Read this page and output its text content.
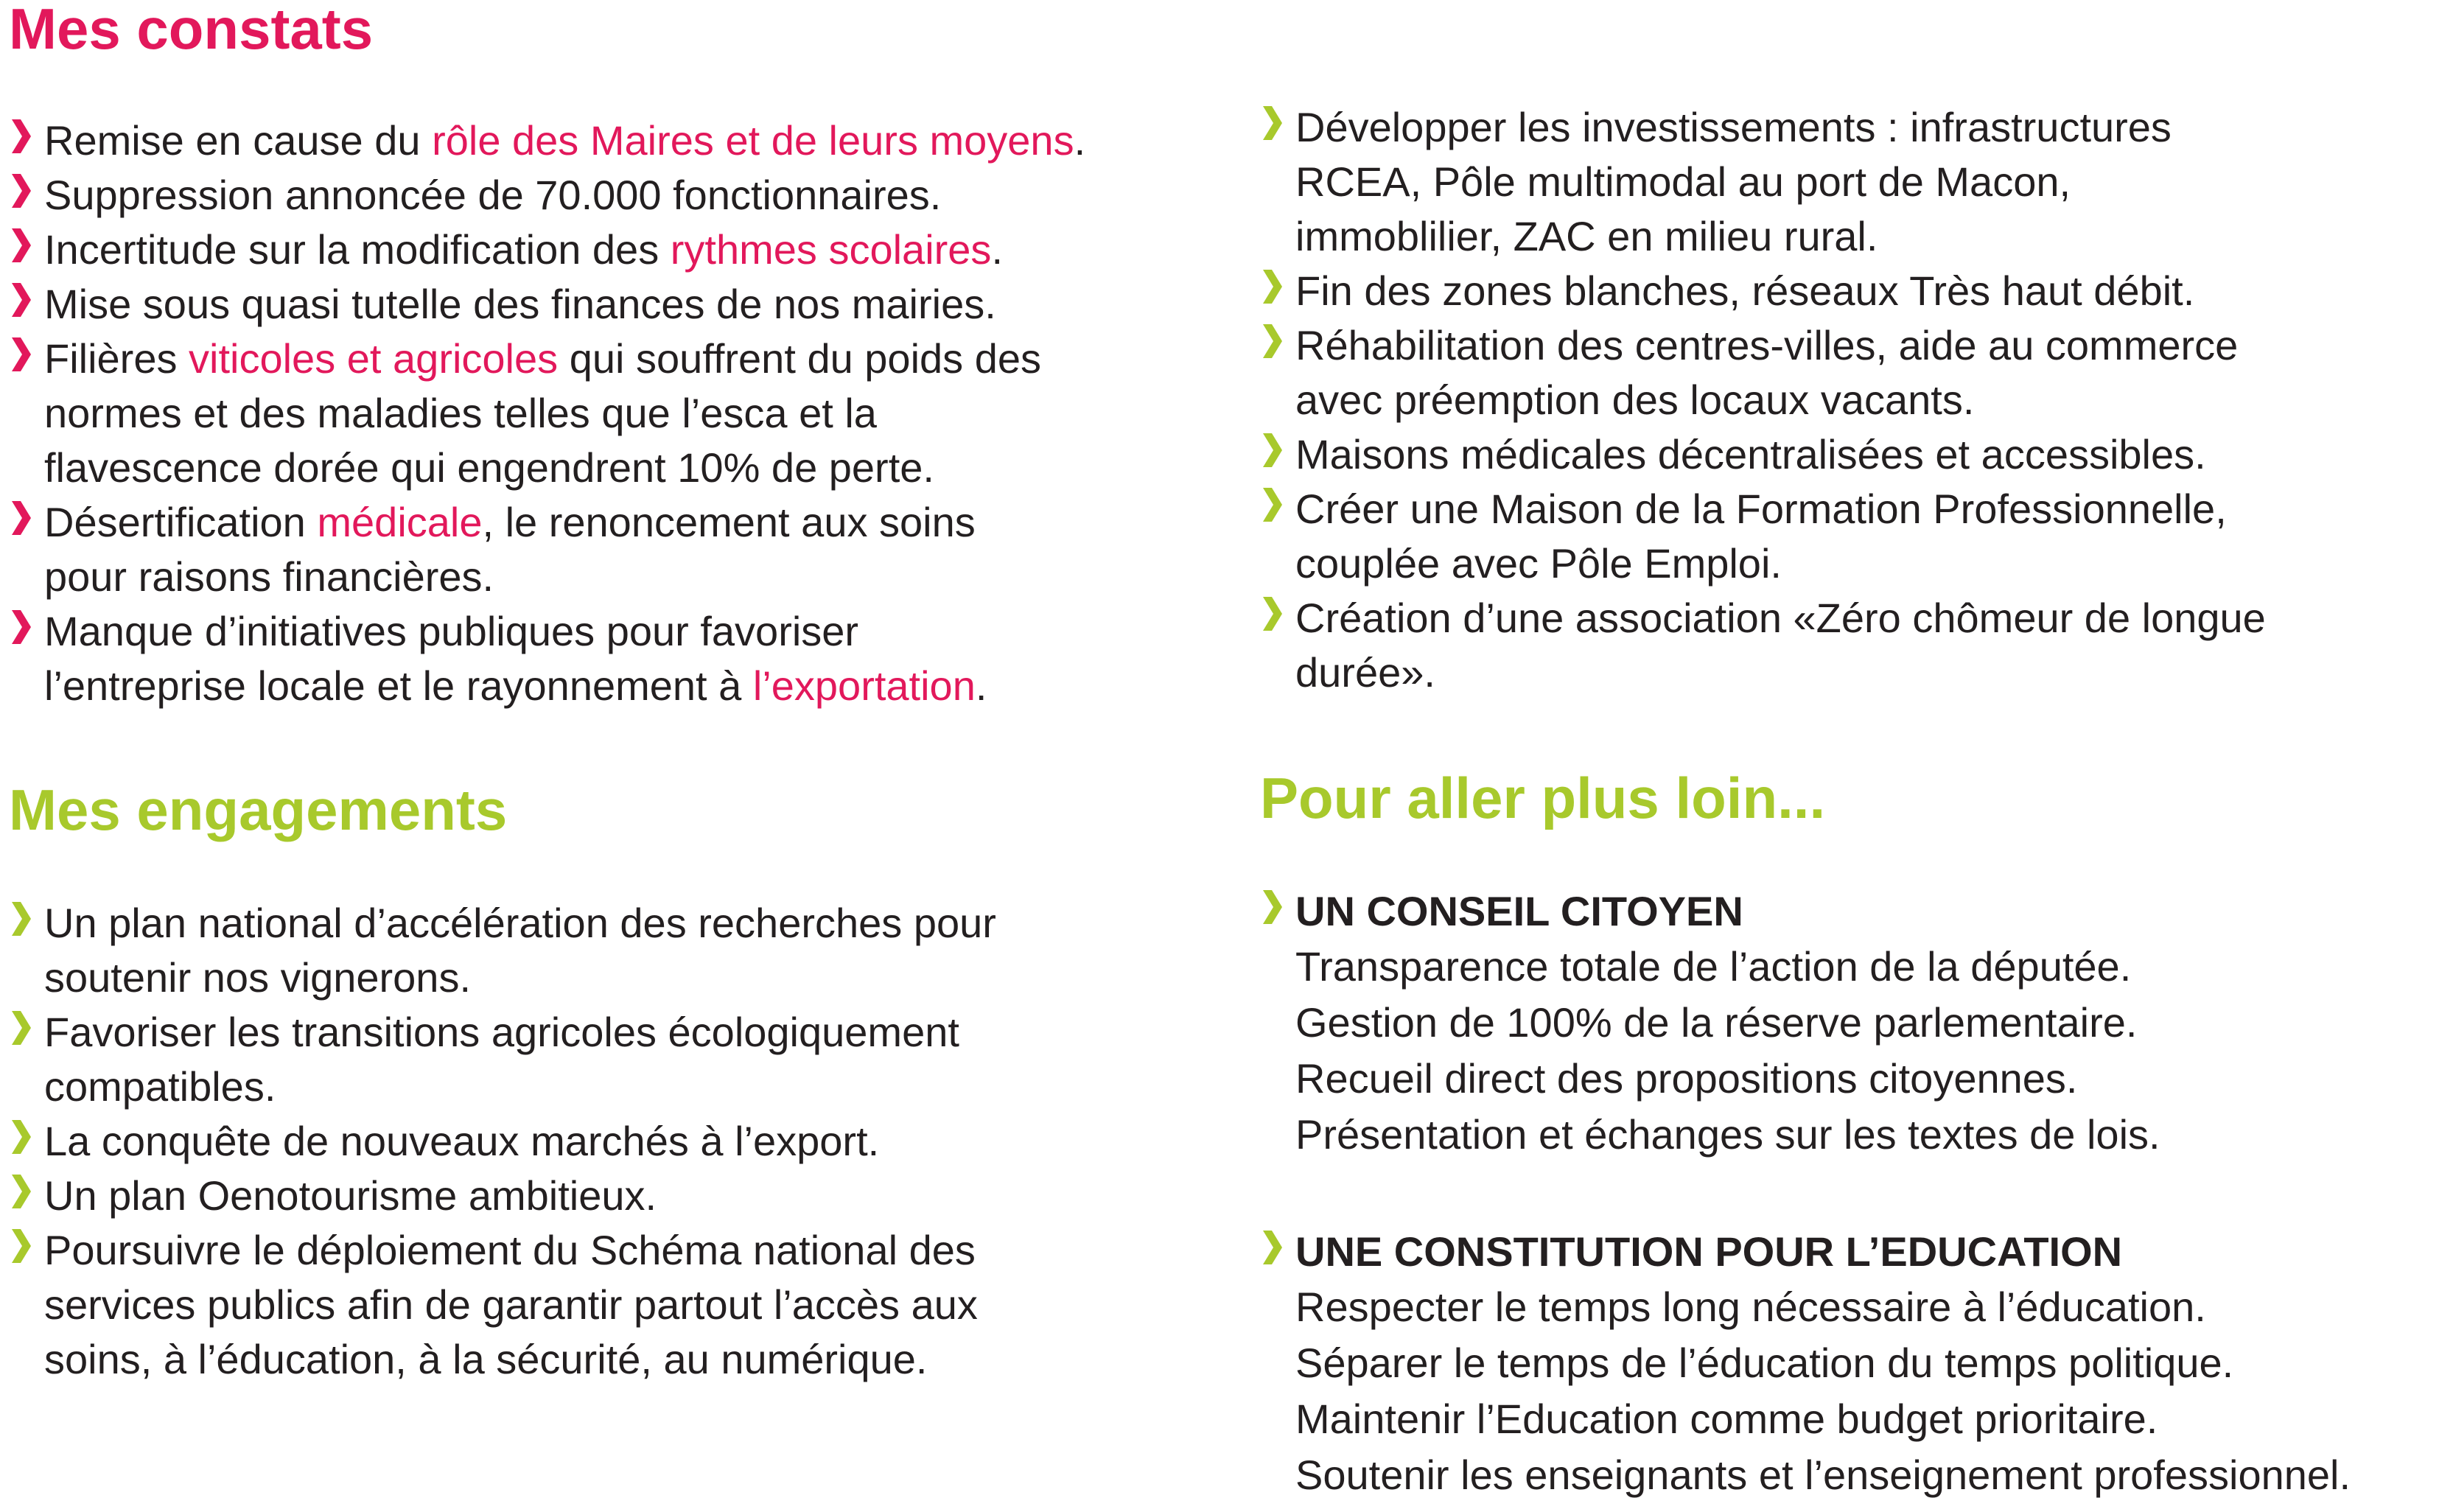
Mes constats
Remise en cause du rôle des Maires et de leurs moyens.
Suppression annoncée de 70.000 fonctionnaires.
Incertitude sur la modification des rythmes scolaires.
Mise sous quasi tutelle des finances de nos mairies.
Filières viticoles et agricoles qui souffrent du poids des
normes et des maladies telles que l’esca et la
flavescence dorée qui engendrent 10% de perte.
Désertification médicale, le renoncement aux soins
pour raisons financières.
Manque d’initiatives publiques pour favoriser
l’entreprise locale et le rayonnement à l’exportation.
Mes engagements
Un plan national d’accélération des recherches pour
soutenir nos vignerons.
Favoriser les transitions agricoles écologiquement
compatibles.
La conquête de nouveaux marchés à l’export.
Un plan Oenotourisme ambitieux.
Poursuivre le déploiement du Schéma national des
services publics afin de garantir partout l’accès aux
soins, à l’éducation, à la sécurité, au numérique.
Développer les investissements : infrastructures
RCEA, Pôle multimodal au port de Macon,
immoblilier, ZAC en milieu rural.
Fin des zones blanches, réseaux Très haut débit.
Réhabilitation des centres-villes, aide au commerce
avec préemption des locaux vacants.
Maisons médicales décentralisées et accessibles.
Créer une Maison de la Formation Professionnelle,
couplée avec Pôle Emploi.
Création d’une association «Zéro chômeur de longue
durée».
Pour aller plus loin...
UN CONSEIL CITOYEN
Transparence totale de l’action de la députée.
Gestion de 100% de la réserve parlementaire.
Recueil direct des propositions citoyennes.
Présentation et échanges sur les textes de lois.
UNE CONSTITUTION POUR L’EDUCATION
Respecter le temps long nécessaire à l’éducation.
Séparer le temps de l’éducation du temps politique.
Maintenir l’Education comme budget prioritaire.
Soutenir les enseignants et l’enseignement professionnel.
